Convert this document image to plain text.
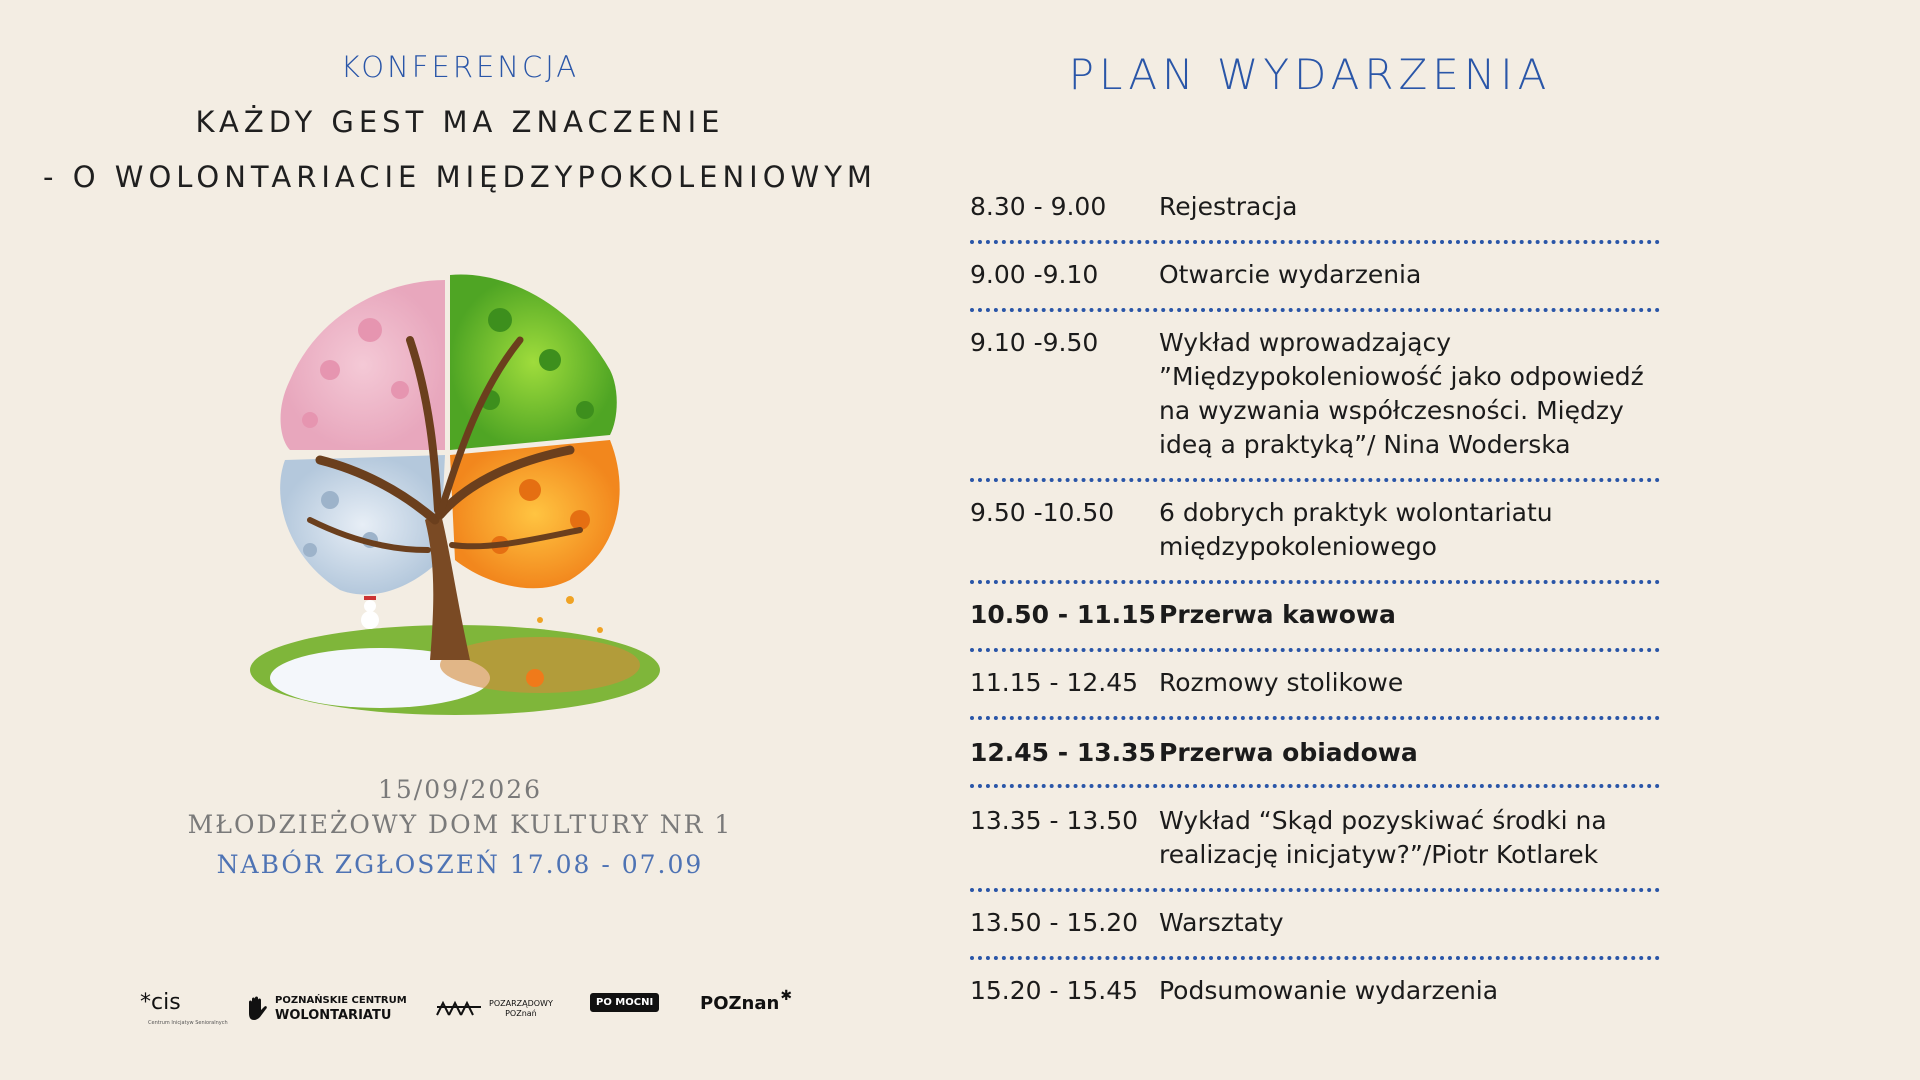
KONFERENCJA
KAŻDY GEST MA ZNACZENIE
- O WOLONTARIACIE MIĘDZYPOKOLENIOWYM
15/09/2026
MŁODZIEŻOWY DOM KULTURY NR 1
NABÓR ZGŁOSZEŃ 17.08 - 07.09
*cis
Centrum Inicjatyw Senioralnych
POZNAŃSKIE CENTRUM
WOLONTARIATU
POZARZĄDOWY
POZnań
PO MOCNI	POZnan ✱
PLAN WYDARZENIA
8.30 - 9.00 Rejestracja
9.00 -9.10 Otwarcie wydarzenia
9.10 -9.50 Wykład wprowadzający ”Międzypokoleniowość jako odpowiedź na wyzwania współczesności. Między ideą a praktyką”/ Nina Woderska
9.50 -10.50 6 dobrych praktyk wolontariatu międzypokoleniowego
10.50 - 11.15 Przerwa kawowa
11.15 - 12.45 Rozmowy stolikowe
12.45 - 13.35 Przerwa obiadowa
13.35 - 13.50 Wykład “Skąd pozyskiwać środki na realizację inicjatyw?”/Piotr Kotlarek
13.50 - 15.20 Warsztaty
15.20 - 15.45 Podsumowanie wydarzenia
